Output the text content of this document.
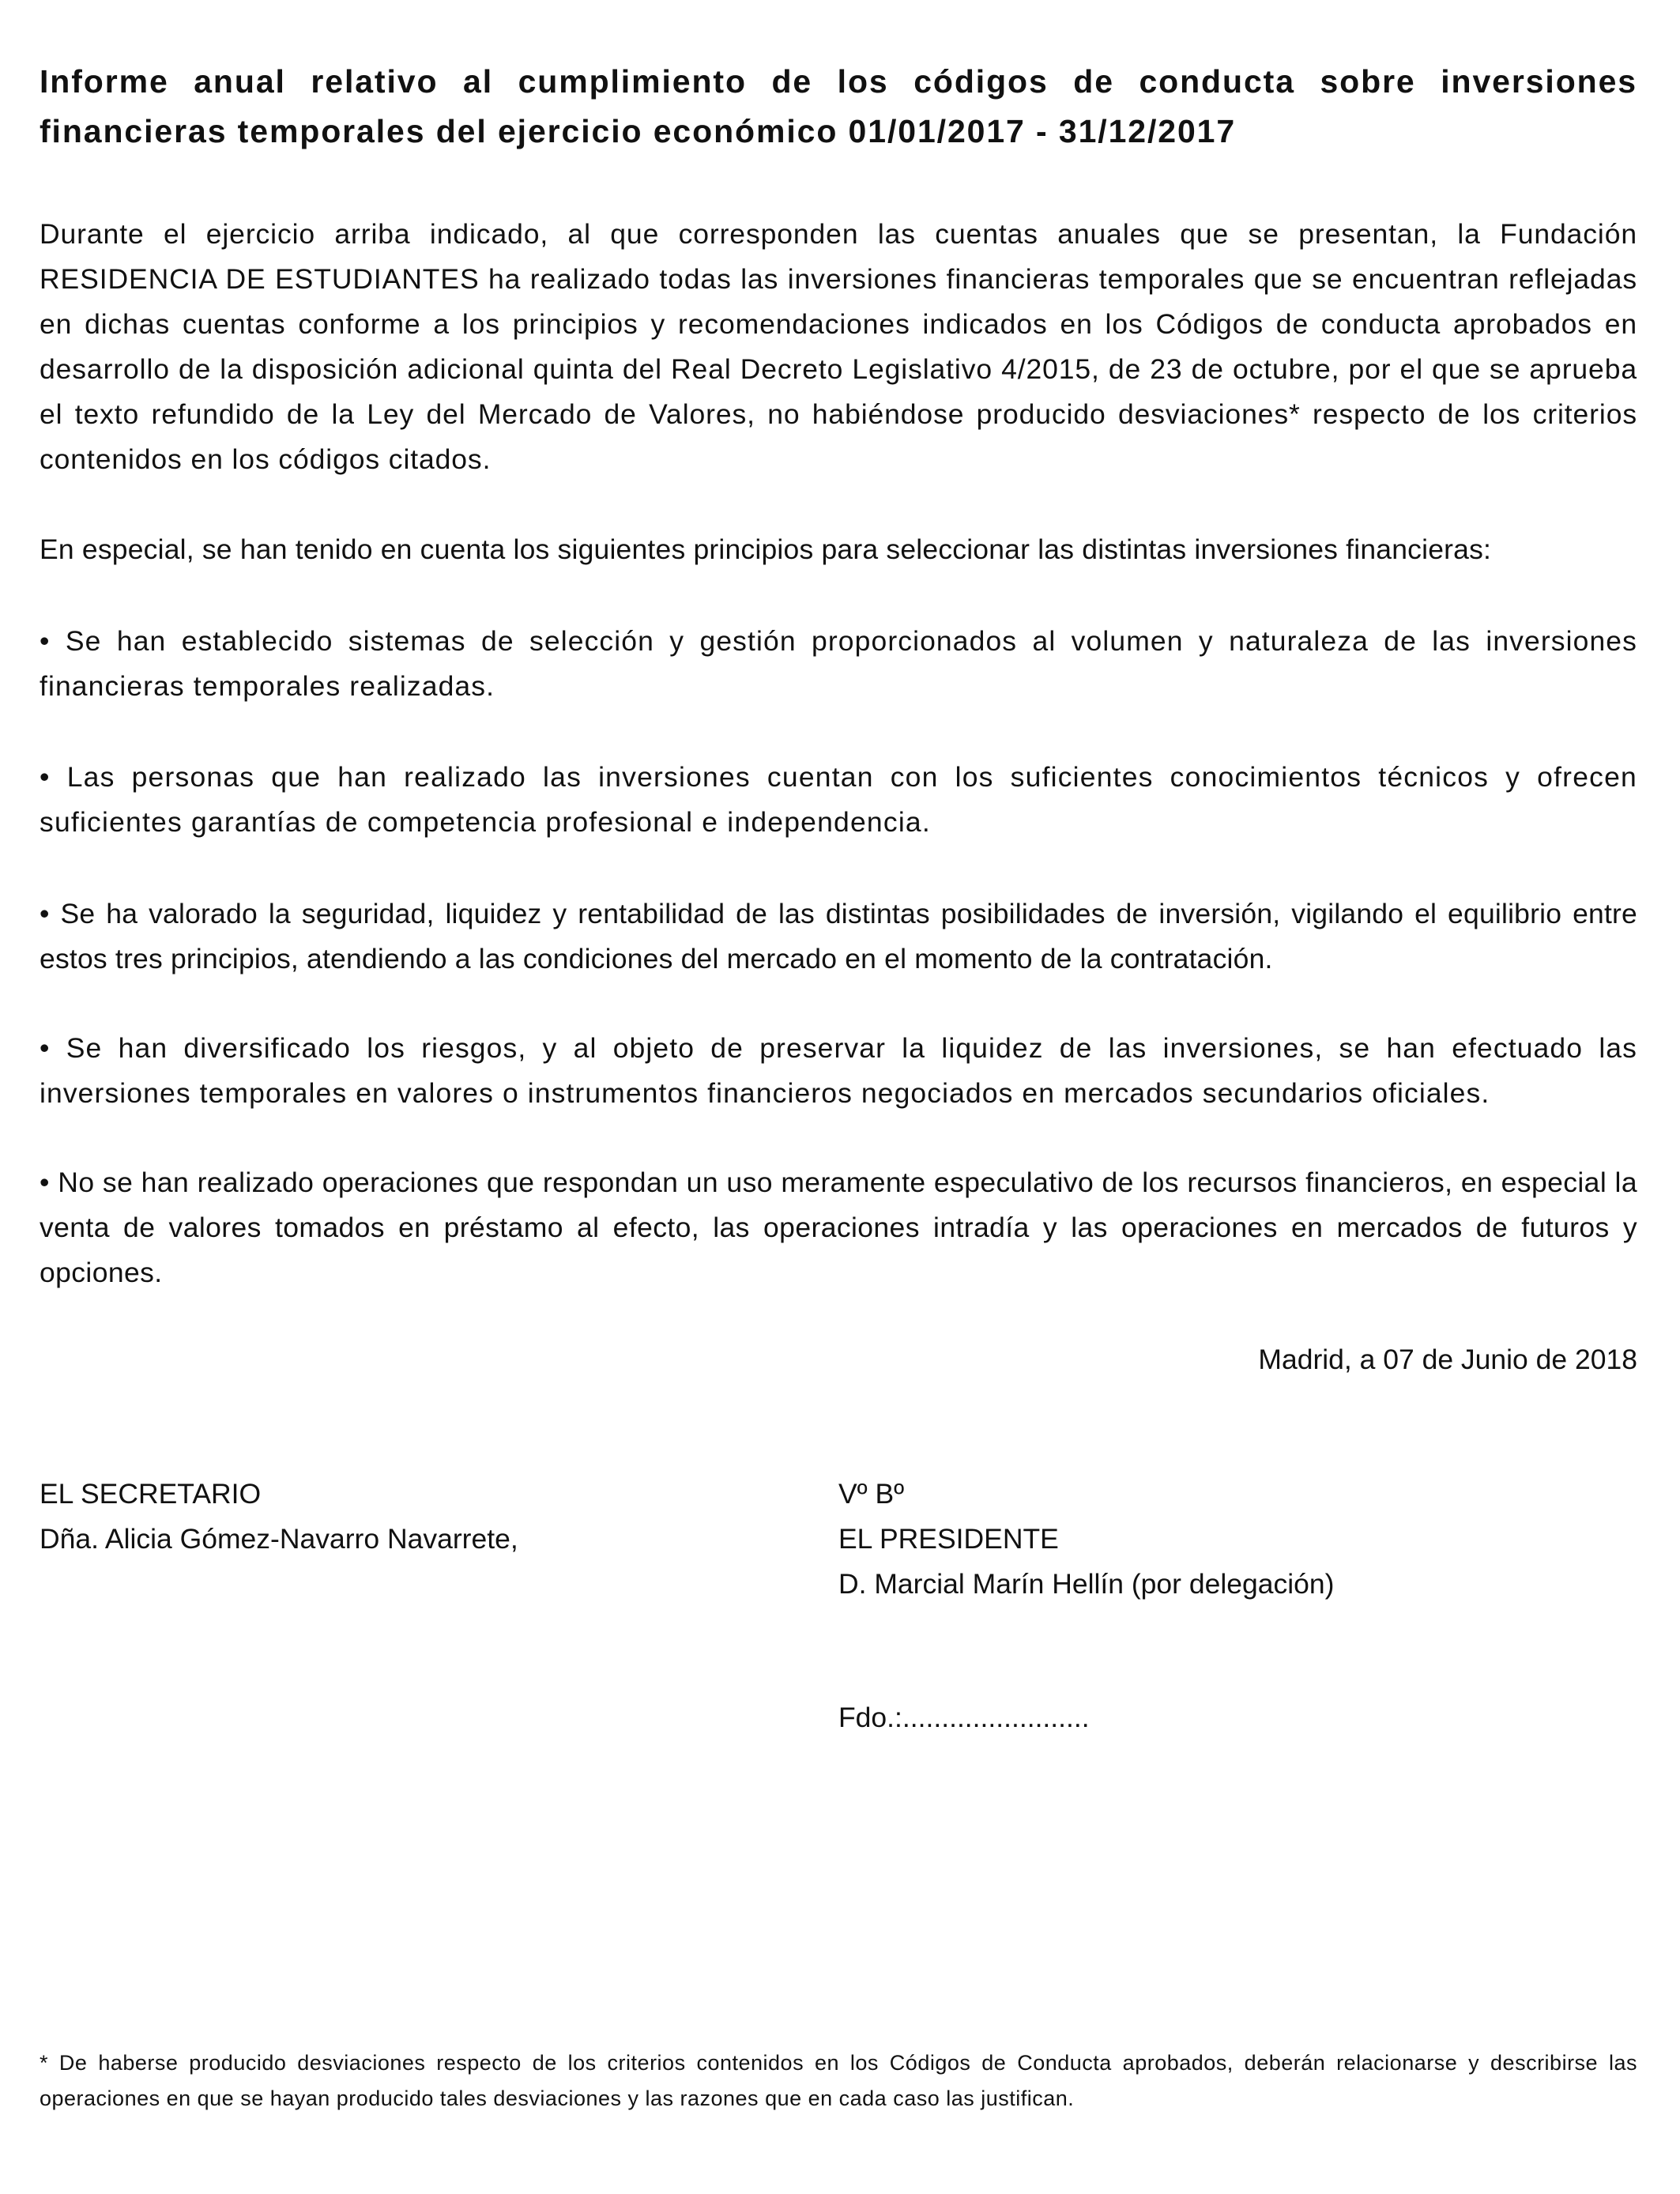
Informe anual relativo al cumplimiento de los códigos de conducta sobre inversiones financieras temporales del ejercicio económico 01/01/2017 - 31/12/2017

Durante el ejercicio arriba indicado, al que corresponden las cuentas anuales que se presentan, la Fundación RESIDENCIA DE ESTUDIANTES ha realizado todas las inversiones financieras temporales que se encuentran reflejadas en dichas cuentas conforme a los principios y recomendaciones indicados en los Códigos de conducta aprobados en desarrollo de la disposición adicional quinta del Real Decreto Legislativo 4/2015, de 23 de octubre, por el que se aprueba el texto refundido de la Ley del Mercado de Valores, no habiéndose producido desviaciones* respecto de los criterios contenidos en los códigos citados.

En especial, se han tenido en cuenta los siguientes principios para seleccionar las distintas inversiones financieras:

• Se han establecido sistemas de selección y gestión proporcionados al volumen y naturaleza de las inversiones financieras temporales realizadas.

• Las personas que han realizado las inversiones cuentan con los suficientes conocimientos técnicos y ofrecen suficientes garantías de competencia profesional e independencia.

• Se ha valorado la seguridad, liquidez y rentabilidad de las distintas posibilidades de inversión, vigilando el equilibrio entre estos tres principios, atendiendo a las condiciones del mercado en el momento de la contratación.

• Se han diversificado los riesgos, y al objeto de preservar la liquidez de las inversiones, se han efectuado las inversiones temporales en valores o instrumentos financieros negociados en mercados secundarios oficiales.

• No se han realizado operaciones que respondan un uso meramente especulativo de los recursos financieros, en especial la venta de valores tomados en préstamo al efecto, las operaciones intradía y las operaciones en mercados de futuros y opciones.

Madrid, a 07 de Junio de 2018

EL SECRETARIO
Dña. Alicia Gómez-Navarro Navarrete,
Vº Bº
EL PRESIDENTE
D. Marcial Marín Hellín (por delegación)
Fdo.:........................

* De haberse producido desviaciones respecto de los criterios contenidos en los Códigos de Conducta aprobados, deberán relacionarse y describirse las operaciones en que se hayan producido tales desviaciones y las razones que en cada caso las justifican.
